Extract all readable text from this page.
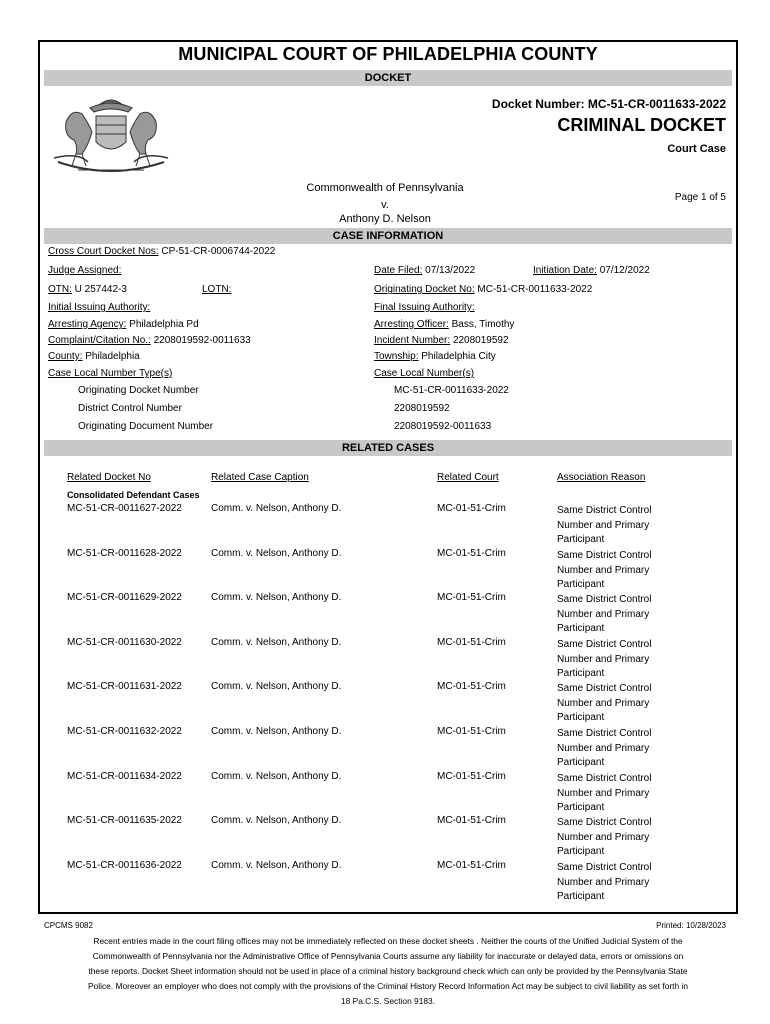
MUNICIPAL COURT OF PHILADELPHIA COUNTY
DOCKET
Docket Number: MC-51-CR-0011633-2022
CRIMINAL DOCKET
Court Case
Commonwealth of Pennsylvania
v.
Anthony D. Nelson
Page 1 of 5
CASE INFORMATION
Cross Court Docket Nos: CP-51-CR-0006744-2022
Judge Assigned:	Date Filed: 07/13/2022	Initiation Date: 07/12/2022
OTN: U 257442-3	LOTN:	Originating Docket No: MC-51-CR-0011633-2022
Initial Issuing Authority:	Final Issuing Authority:
Arresting Agency: Philadelphia Pd	Arresting Officer: Bass, Timothy
Complaint/Citation No.: 2208019592-0011633	Incident Number: 2208019592
County: Philadelphia	Township: Philadelphia City
Case Local Number Type(s)	Case Local Number(s)
Originating Docket Number	MC-51-CR-0011633-2022
District Control Number	2208019592
Originating Document Number	2208019592-0011633
RELATED CASES
Related Docket No	Related Case Caption	Related Court	Association Reason
Consolidated Defendant Cases
MC-51-CR-0011627-2022	Comm. v. Nelson, Anthony D.	MC-01-51-Crim	Same District Control Number and Primary Participant
MC-51-CR-0011628-2022	Comm. v. Nelson, Anthony D.	MC-01-51-Crim	Same District Control Number and Primary Participant
MC-51-CR-0011629-2022	Comm. v. Nelson, Anthony D.	MC-01-51-Crim	Same District Control Number and Primary Participant
MC-51-CR-0011630-2022	Comm. v. Nelson, Anthony D.	MC-01-51-Crim	Same District Control Number and Primary Participant
MC-51-CR-0011631-2022	Comm. v. Nelson, Anthony D.	MC-01-51-Crim	Same District Control Number and Primary Participant
MC-51-CR-0011632-2022	Comm. v. Nelson, Anthony D.	MC-01-51-Crim	Same District Control Number and Primary Participant
MC-51-CR-0011634-2022	Comm. v. Nelson, Anthony D.	MC-01-51-Crim	Same District Control Number and Primary Participant
MC-51-CR-0011635-2022	Comm. v. Nelson, Anthony D.	MC-01-51-Crim	Same District Control Number and Primary Participant
MC-51-CR-0011636-2022	Comm. v. Nelson, Anthony D.	MC-01-51-Crim	Same District Control Number and Primary Participant
CPCMS 9082	Printed: 10/28/2023
Recent entries made in the court filing offices may not be immediately reflected on these docket sheets . Neither the courts of the Unified Judicial System of the Commonwealth of Pennsylvania nor the Administrative Office of Pennsylvania Courts assume any liability for inaccurate or delayed data, errors or omissions on these reports. Docket Sheet information should not be used in place of a criminal history background check which can only be provided by the Pennsylvania State Police. Moreover an employer who does not comply with the provisions of the Criminal History Record Information Act may be subject to civil liability as set forth in 18 Pa.C.S. Section 9183.
